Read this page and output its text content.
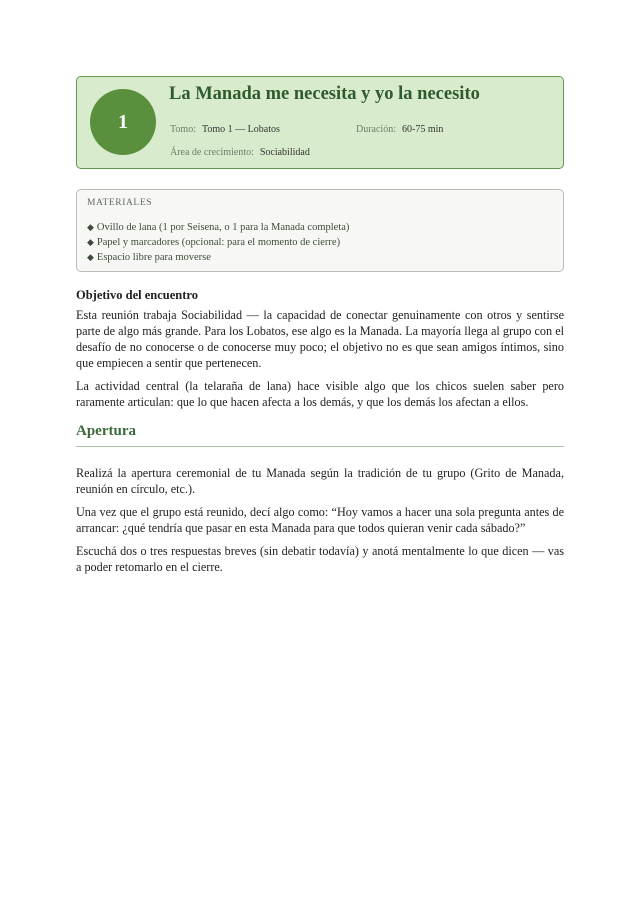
1
La Manada me necesita y yo la necesito
Tomo: Tomo 1 — Lobatos	Duración: 60-75 min
Área de crecimiento: Sociabilidad
MATERIALES
◆ Ovillo de lana (1 por Seisena, o 1 para la Manada completa)
◆ Papel y marcadores (opcional: para el momento de cierre)
◆ Espacio libre para moverse
Objetivo del encuentro

Esta reunión trabaja Sociabilidad — la capacidad de conectar genuinamente con otros y sentirse parte de algo más grande. Para los Lobatos, ese algo es la Manada. La mayoría llega al grupo con el desafío de no conocerse o de conocerse muy poco; el objetivo no es que sean amigos íntimos, sino que empiecen a sentir que pertenecen.

La actividad central (la telaraña de lana) hace visible algo que los chicos suelen saber pero raramente articulan: que lo que hacen afecta a los demás, y que los demás los afectan a ellos.

Apertura

Realizá la apertura ceremonial de tu Manada según la tradición de tu grupo (Grito de Manada, reunión en círculo, etc.).

Una vez que el grupo está reunido, decí algo como: “Hoy vamos a hacer una sola pregunta antes de arrancar: ¿qué tendría que pasar en esta Manada para que todos quieran venir cada sábado?”

Escuchá dos o tres respuestas breves (sin debatir todavía) y anotá mentalmente lo que dicen — vas a poder retomarlo en el cierre.
